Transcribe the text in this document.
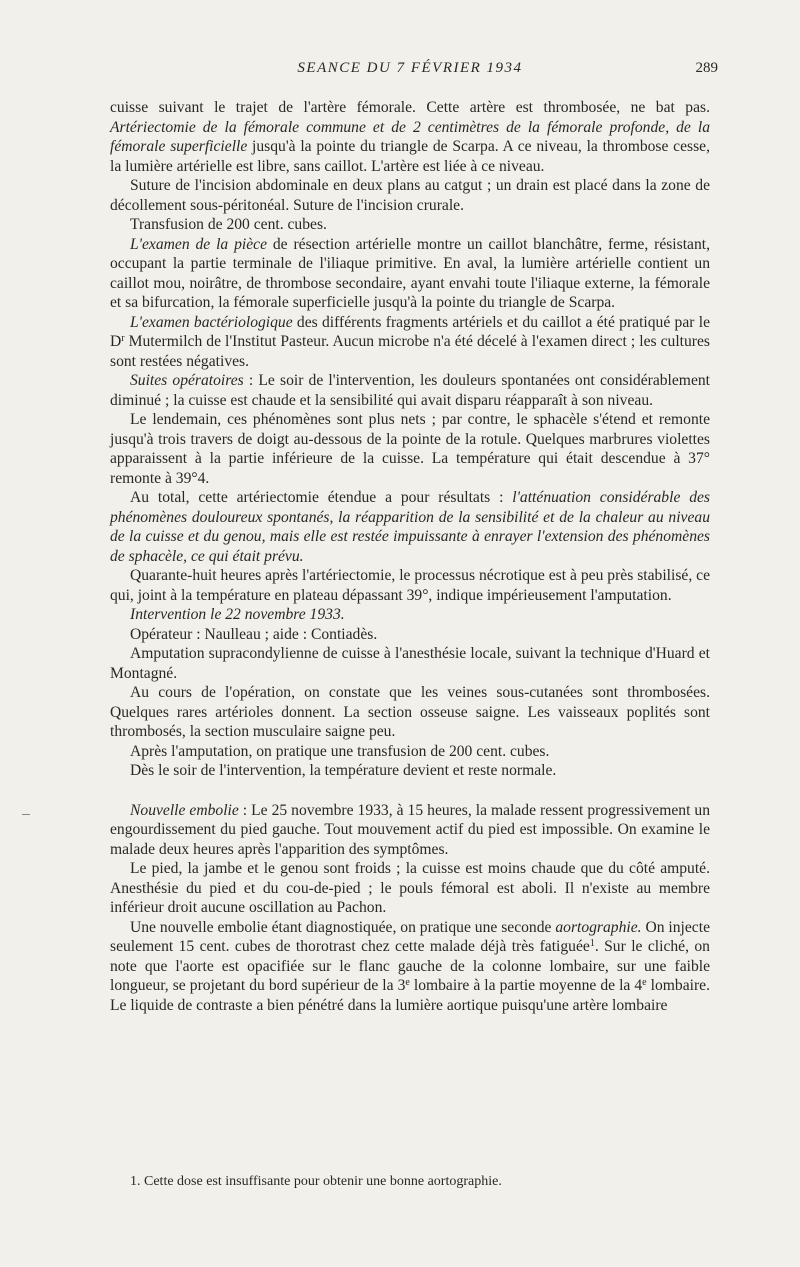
SEANCE DU 7 FÉVRIER 1934	289

cuisse suivant le trajet de l'artère fémorale. Cette artère est thrombosée, ne bat pas. Artériectomie de la fémorale commune et de 2 centimètres de la fémorale profonde, de la fémorale superficielle jusqu'à la pointe du triangle de Scarpa. A ce niveau, la thrombose cesse, la lumière artérielle est libre, sans caillot. L'artère est liée à ce niveau.

Suture de l'incision abdominale en deux plans au catgut ; un drain est placé dans la zone de décollement sous-péritonéal. Suture de l'incision crurale.

Transfusion de 200 cent. cubes.

L'examen de la pièce de résection artérielle montre un caillot blanchâtre, ferme, résistant, occupant la partie terminale de l'iliaque primitive. En aval, la lumière artérielle contient un caillot mou, noirâtre, de thrombose secondaire, ayant envahi toute l'iliaque externe, la fémorale et sa bifurcation, la fémorale superficielle jusqu'à la pointe du triangle de Scarpa.

L'examen bactériologique des différents fragments artériels et du caillot a été pratiqué par le $D^r$ Mutermilch de l'Institut Pasteur. Aucun microbe n'a été décelé à l'examen direct ; les cultures sont restées négatives.

Suites opératoires : Le soir de l'intervention, les douleurs spontanées ont considérablement diminué ; la cuisse est chaude et la sensibilité qui avait disparu réapparaît à son niveau.

Le lendemain, ces phénomènes sont plus nets ; par contre, le sphacèle s'étend et remonte jusqu'à trois travers de doigt au-dessous de la pointe de la rotule. Quelques marbrures violettes apparaissent à la partie inférieure de la cuisse. La température qui était descendue à 37° remonte à 39°4.

Au total, cette artériectomie étendue a pour résultats : l'atténuation considérable des phénomènes douloureux spontanés, la réapparition de la sensibilité et de la chaleur au niveau de la cuisse et du genou, mais elle est restée impuissante à enrayer l'extension des phénomènes de sphacèle, ce qui était prévu.

Quarante-huit heures après l'artériectomie, le processus nécrotique est à peu près stabilisé, ce qui, joint à la température en plateau dépassant 39°, indique impérieusement l'amputation.

Intervention le 22 novembre 1933.

Opérateur : Naulleau ; aide : Contiadès.

Amputation supracondylienne de cuisse à l'anesthésie locale, suivant la technique d'Huard et Montagné.

Au cours de l'opération, on constate que les veines sous-cutanées sont thrombosées. Quelques rares artérioles donnent. La section osseuse saigne. Les vaisseaux poplités sont thrombosés, la section musculaire saigne peu.

Après l'amputation, on pratique une transfusion de 200 cent. cubes.

Dès le soir de l'intervention, la température devient et reste normale.

Nouvelle embolie : Le 25 novembre 1933, à 15 heures, la malade ressent progressivement un engourdissement du pied gauche. Tout mouvement actif du pied est impossible. On examine le malade deux heures après l'apparition des symptômes.

Le pied, la jambe et le genou sont froids ; la cuisse est moins chaude que du côté amputé. Anesthésie du pied et du cou-de-pied ; le pouls fémoral est aboli. Il n'existe au membre inférieur droit aucune oscillation au Pachon.

Une nouvelle embolie étant diagnostiquée, on pratique une seconde aortographie. On injecte seulement 15 cent. cubes de thorotrast chez cette malade déjà très fatiguée$^1$. Sur le cliché, on note que l'aorte est opacifiée sur le flanc gauche de la colonne lombaire, sur une faible longueur, se projetant du bord supérieur de la 3e lombaire à la partie moyenne de la 4e lombaire. Le liquide de contraste a bien pénétré dans la lumière aortique puisqu'une artère lombaire

1. Cette dose est insuffisante pour obtenir une bonne aortographie.
